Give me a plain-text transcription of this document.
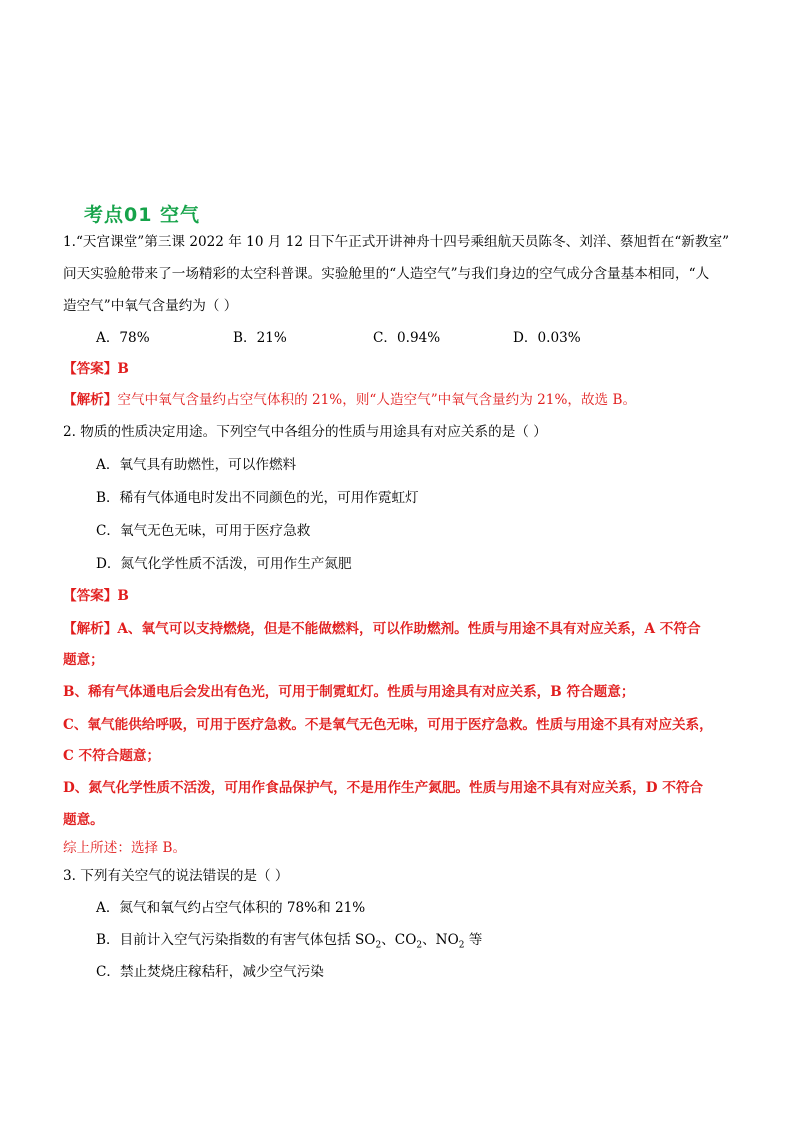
考点01 空气
1.“天宫课堂”第三课 2022 年 10 月 12 日下午正式开讲神舟十四号乘组航天员陈冬、刘洋、蔡旭哲在“新教室”
问天实验舱带来了一场精彩的太空科普课。实验舱里的“人造空气”与我们身边的空气成分含量基本相同，“人
造空气”中氧气含量约为（ ）
A．78%	B．21%	C．0.94%	D．0.03%
【答案】B
【解析】空气中氧气含量约占空气体积的 21%，则“人造空气”中氧气含量约为 21%，故选 B。
2. 物质的性质决定用途。下列空气中各组分的性质与用途具有对应关系的是（ ）
A．氧气具有助燃性，可以作燃料
B．稀有气体通电时发出不同颜色的光，可用作霓虹灯
C．氧气无色无味，可用于医疗急救
D．氮气化学性质不活泼，可用作生产氮肥
【答案】B
【解析】A、氧气可以支持燃烧，但是不能做燃料，可以作助燃剂。性质与用途不具有对应关系，A 不符合
题意；
B、稀有气体通电后会发出有色光，可用于制霓虹灯。性质与用途具有对应关系，B 符合题意；
C、氧气能供给呼吸，可用于医疗急救。不是氧气无色无味，可用于医疗急救。性质与用途不具有对应关系，
C 不符合题意；
D、氮气化学性质不活泼，可用作食品保护气，不是用作生产氮肥。性质与用途不具有对应关系，D 不符合
题意。
综上所述：选择 B。
3. 下列有关空气的说法错误的是（ ）
A．氮气和氧气约占空气体积的 78%和 21%
B．目前计入空气污染指数的有害气体包括 $SO_2$、$CO_2$、$NO_2$ 等
C．禁止焚烧庄稼秸秆，减少空气污染
